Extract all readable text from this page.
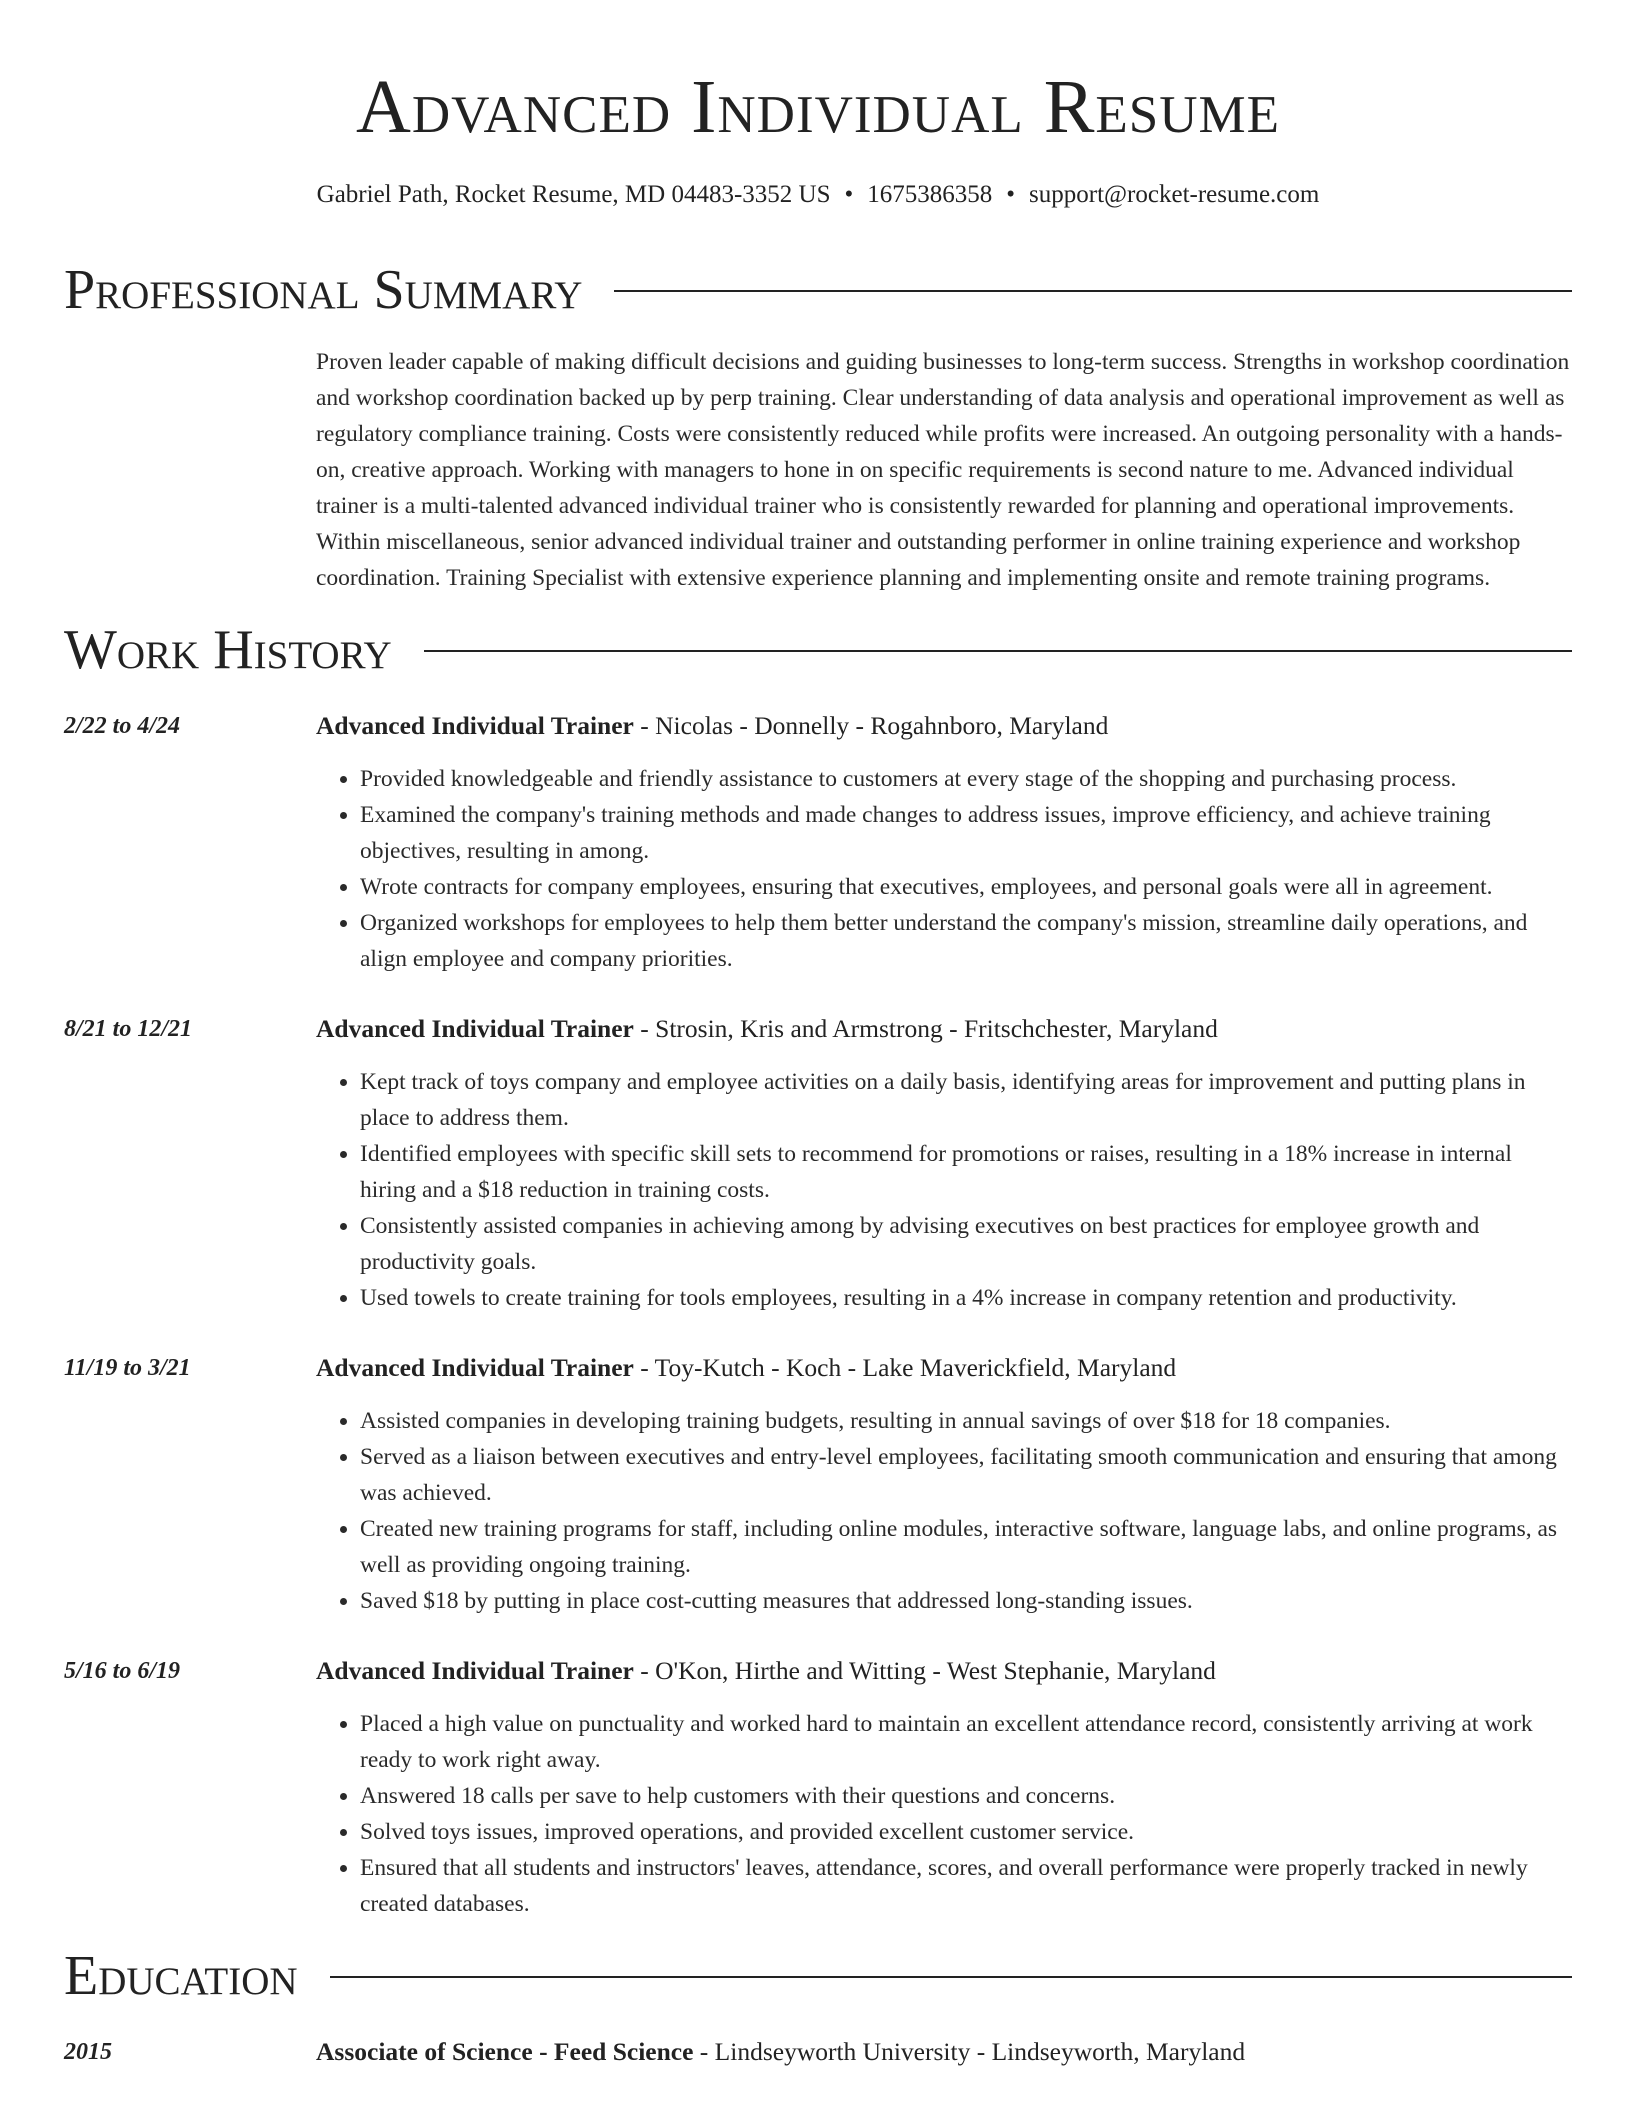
Advanced Individual Resume
Gabriel Path, Rocket Resume, MD 04483-3352 US • 1675386358 • support@rocket-resume.com
Professional Summary

Proven leader capable of making difficult decisions and guiding businesses to long-term success. Strengths in workshop coordination and workshop coordination backed up by perp training. Clear understanding of data analysis and operational improvement as well as regulatory compliance training. Costs were consistently reduced while profits were increased. An outgoing personality with a hands-on, creative approach. Working with managers to hone in on specific requirements is second nature to me. Advanced individual trainer is a multi-talented advanced individual trainer who is consistently rewarded for planning and operational improvements. Within miscellaneous, senior advanced individual trainer and outstanding performer in online training experience and workshop coordination. Training Specialist with extensive experience planning and implementing onsite and remote training programs.

Work History
2/22 to 4/24	Advanced Individual Trainer - Nicolas - Donnelly - Rogahnboro, Maryland
• Provided knowledgeable and friendly assistance to customers at every stage of the shopping and purchasing process.
• Examined the company's training methods and made changes to address issues, improve efficiency, and achieve training objectives, resulting in among.
• Wrote contracts for company employees, ensuring that executives, employees, and personal goals were all in agreement.
• Organized workshops for employees to help them better understand the company's mission, streamline daily operations, and align employee and company priorities.
8/21 to 12/21	Advanced Individual Trainer - Strosin, Kris and Armstrong - Fritschchester, Maryland
• Kept track of toys company and employee activities on a daily basis, identifying areas for improvement and putting plans in place to address them.
• Identified employees with specific skill sets to recommend for promotions or raises, resulting in a 18% increase in internal hiring and a $18 reduction in training costs.
• Consistently assisted companies in achieving among by advising executives on best practices for employee growth and productivity goals.
• Used towels to create training for tools employees, resulting in a 4% increase in company retention and productivity.
11/19 to 3/21	Advanced Individual Trainer - Toy-Kutch - Koch - Lake Maverickfield, Maryland
• Assisted companies in developing training budgets, resulting in annual savings of over $18 for 18 companies.
• Served as a liaison between executives and entry-level employees, facilitating smooth communication and ensuring that among was achieved.
• Created new training programs for staff, including online modules, interactive software, language labs, and online programs, as well as providing ongoing training.
• Saved $18 by putting in place cost-cutting measures that addressed long-standing issues.
5/16 to 6/19	Advanced Individual Trainer - O'Kon, Hirthe and Witting - West Stephanie, Maryland
• Placed a high value on punctuality and worked hard to maintain an excellent attendance record, consistently arriving at work ready to work right away.
• Answered 18 calls per save to help customers with their questions and concerns.
• Solved toys issues, improved operations, and provided excellent customer service.
• Ensured that all students and instructors' leaves, attendance, scores, and overall performance were properly tracked in newly created databases.
Education
2015	Associate of Science - Feed Science - Lindseyworth University - Lindseyworth, Maryland
